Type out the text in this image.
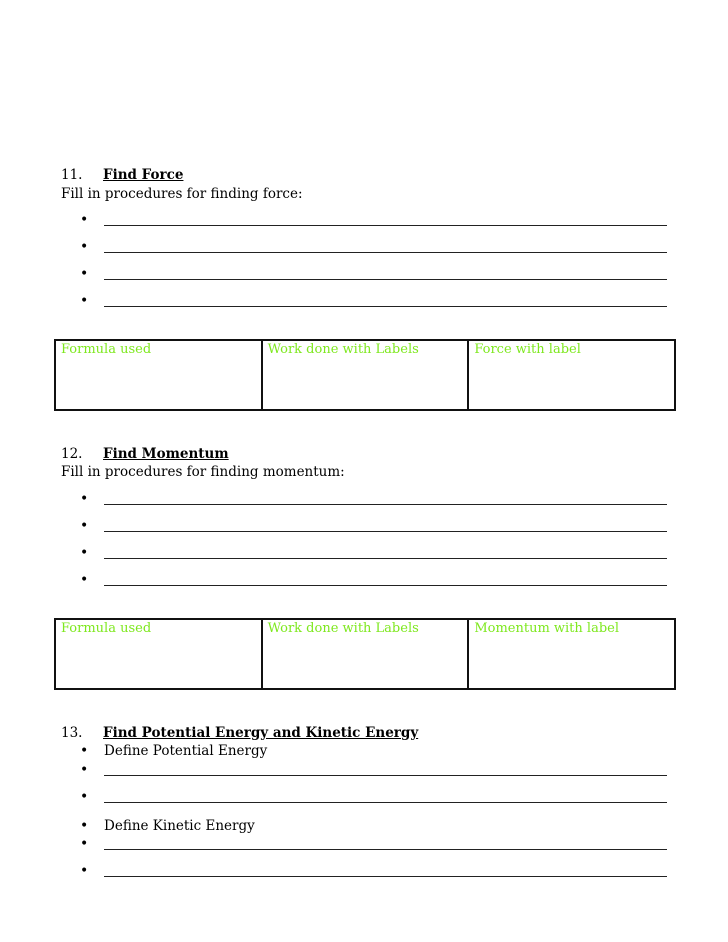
11. Find Force
Fill in procedures for finding force:
•
•
•
•
Formula used	Work done with Labels	Force with label
12. Find Momentum
Fill in procedures for finding momentum:
•
•
•
•
Formula used	Work done with Labels	Momentum with label
13. Find Potential Energy and Kinetic Energy
• Define Potential Energy
•
•
• Define Kinetic Energy
•
•
